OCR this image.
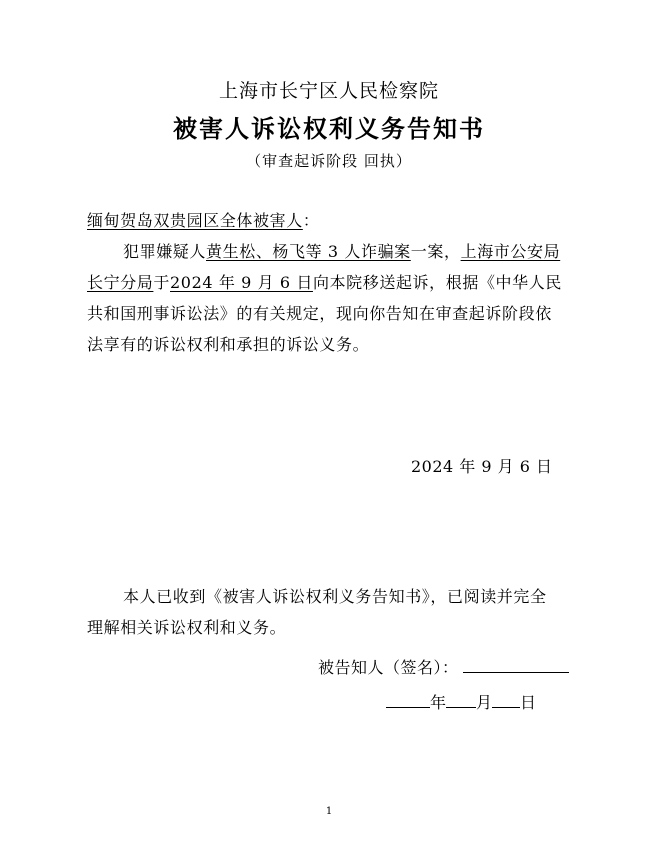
上海市长宁区人民检察院
被害人诉讼权利义务告知书
（审查起诉阶段 回执）
缅甸贺岛双贵园区全体被害人：
犯罪嫌疑人黄生松、杨飞等 3 人诈骗案一案，上海市公安局
长宁分局于2024 年 9 月 6 日向本院移送起诉，根据《中华人民
共和国刑事诉讼法》的有关规定，现向你告知在审查起诉阶段依
法享有的诉讼权利和承担的诉讼义务。
2024 年 9 月 6 日
本人已收到《被害人诉讼权利义务告知书》，已阅读并完全
理解相关诉讼权利和义务。
被告知人（签名）：
年 月 日
1
